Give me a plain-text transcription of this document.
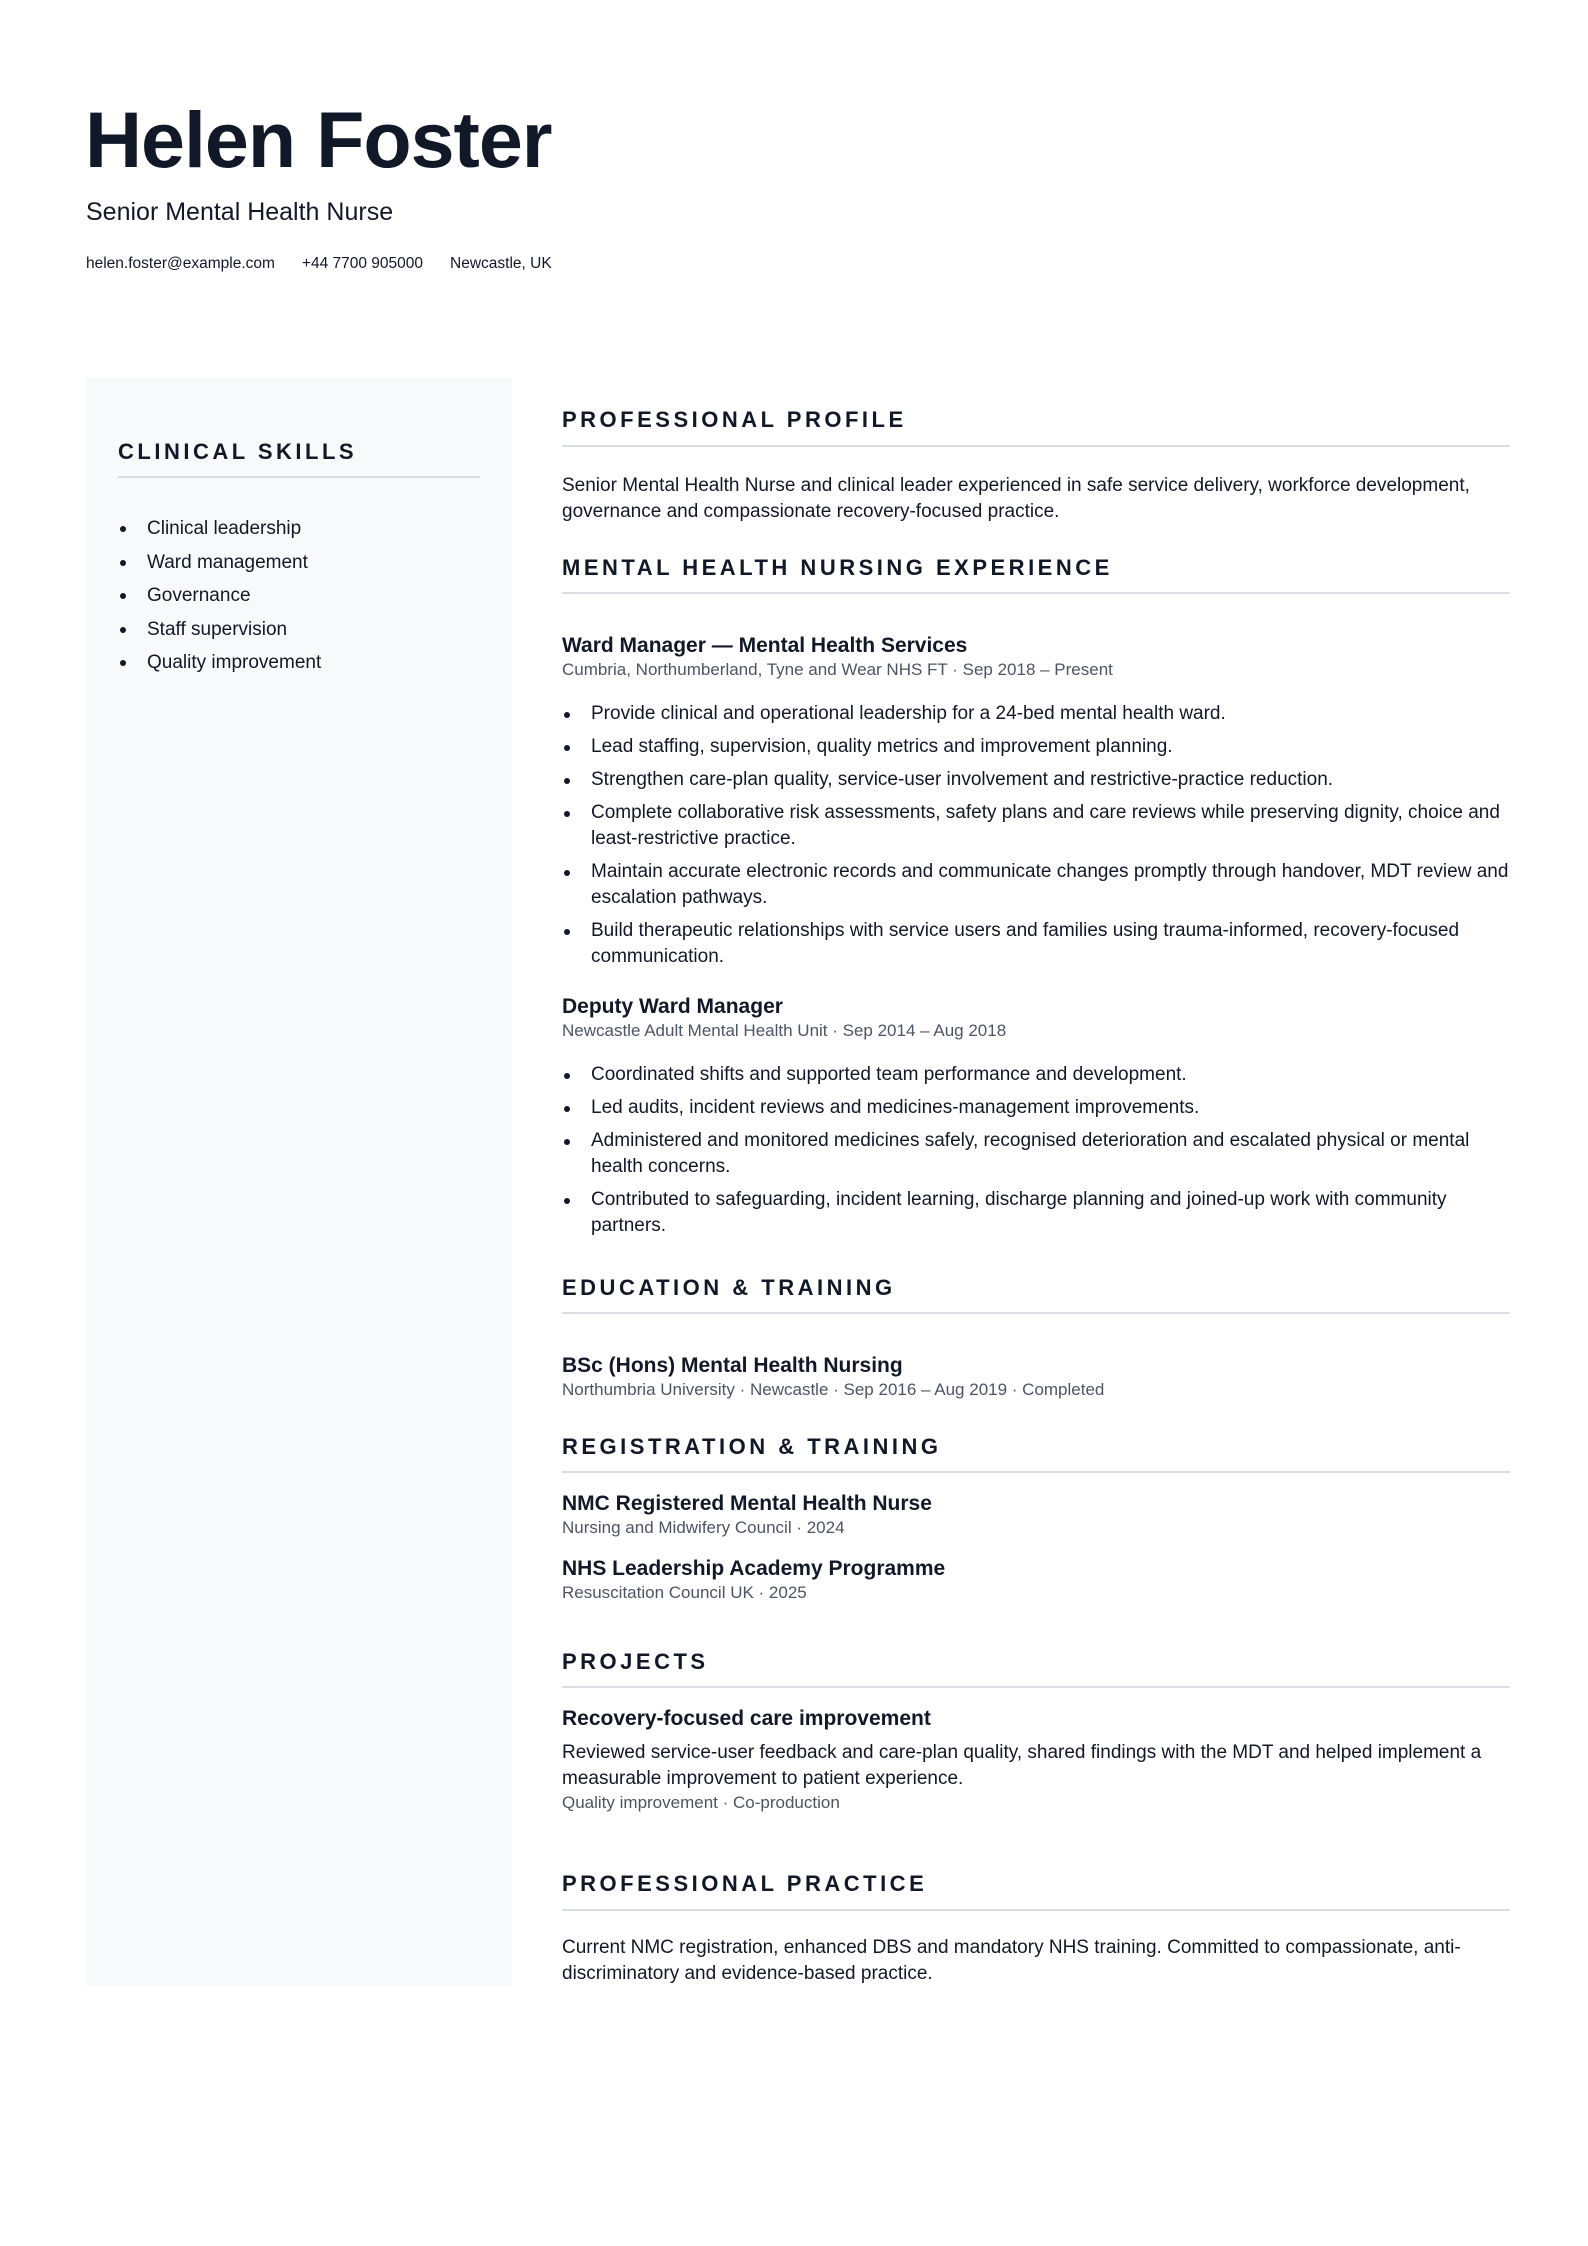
Helen Foster
Senior Mental Health Nurse
helen.foster@example.com +44 7700 905000 Newcastle, UK
CLINICAL SKILLS
Clinical leadership
Ward management
Governance
Staff supervision
Quality improvement
PROFESSIONAL PROFILE

Senior Mental Health Nurse and clinical leader experienced in safe service delivery, workforce development, governance and compassionate recovery-focused practice.

MENTAL HEALTH NURSING EXPERIENCE
Ward Manager — Mental Health Services
Cumbria, Northumberland, Tyne and Wear NHS FT · Sep 2018 – Present
Provide clinical and operational leadership for a 24-bed mental health ward.
Lead staffing, supervision, quality metrics and improvement planning.
Strengthen care-plan quality, service-user involvement and restrictive-practice reduction.
Complete collaborative risk assessments, safety plans and care reviews while preserving dignity, choice and least-restrictive practice.
Maintain accurate electronic records and communicate changes promptly through handover, MDT review and escalation pathways.
Build therapeutic relationships with service users and families using trauma-informed, recovery-focused communication.
Deputy Ward Manager
Newcastle Adult Mental Health Unit · Sep 2014 – Aug 2018
Coordinated shifts and supported team performance and development.
Led audits, incident reviews and medicines-management improvements.
Administered and monitored medicines safely, recognised deterioration and escalated physical or mental health concerns.
Contributed to safeguarding, incident learning, discharge planning and joined-up work with community partners.
EDUCATION & TRAINING
BSc (Hons) Mental Health Nursing
Northumbria University · Newcastle · Sep 2016 – Aug 2019 · Completed
REGISTRATION & TRAINING
NMC Registered Mental Health Nurse
Nursing and Midwifery Council · 2024
NHS Leadership Academy Programme
Resuscitation Council UK · 2025
PROJECTS
Recovery-focused care improvement

Reviewed service-user feedback and care-plan quality, shared findings with the MDT and helped implement a measurable improvement to patient experience.

Quality improvement · Co-production
PROFESSIONAL PRACTICE

Current NMC registration, enhanced DBS and mandatory NHS training. Committed to compassionate, anti-discriminatory and evidence-based practice.
